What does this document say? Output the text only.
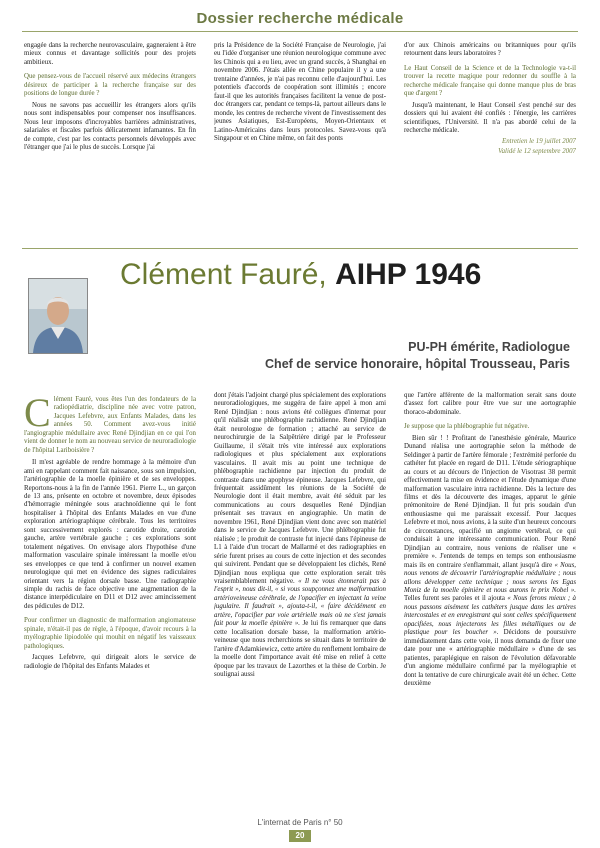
Dossier recherche médicale

engagée dans la recherche neurovasculaire, gagneraient à être mieux connus et davantage sollicités pour des projets ambitieux.

Que pensez-vous de l'accueil réservé aux médecins étrangers désireux de participer à la recherche française sur des positions de longue durée ?

Nous ne savons pas accueillir les étrangers alors qu'ils nous sont indispensables pour compenser nos insuffisances. Nous leur imposons d'incroyables barrières administratives, salariales et fiscales parfois délicatement infamantes. En fin de compte, c'est par les contacts personnels développés avec l'étranger que j'ai le plus de succès. Lorsque j'ai

pris la Présidence de la Société Française de Neurologie, j'ai eu l'idée d'organiser une réunion neurologique commune avec les Chinois qui a eu lieu, avec un grand succès, à Shanghai en novembre 2006. J'étais allée en Chine populaire il y a une trentaine d'années, je n'ai pas reconnu celle d'aujourd'hui. Les potentiels d'accords de coopération sont illimités ; encore faut-il que les autorités françaises facilitent la venue de post-doc étrangers car, pendant ce temps-là, partout ailleurs dans le monde, les centres de recherche vivent de l'investissement des jeunes Asiatiques, Est-Européens, Moyen-Orientaux et Latino-Américains dans leurs protocoles. Savez-vous qu'à Singapour et en Chine même, on fait des ponts

d'or aux Chinois américains ou britanniques pour qu'ils retournent dans leurs laboratoires ?

Le Haut Conseil de la Science et de la Technologie va-t-il trouver la recette magique pour redonner du souffle à la recherche médicale française qui donne manque plus de bras que d'argent ?

Jusqu'à maintenant, le Haut Conseil s'est penché sur des dossiers qui lui avaient été confiés : l'énergie, les carrières scientifiques, l'Université. Il n'a pas abordé celui de la recherche médicale.

Entretien le 19 juillet 2007

Validé le 12 septembre 2007

Clément Fauré, AIHP 1946
PU-PH émérite, Radiologue
Chef de service honoraire, hôpital Trousseau, Paris

Clément Fauré, vous êtes l'un des fondateurs de la radiopédiatrie, discipline née avec votre patron, Jacques Lefebvre, aux Enfants Malades, dans les années 50. Comment avez-vous initié l'angiographie médullaire avec René Djindjian en ce qui l'on vient de donner le nom au nouveau service de neuroradiologie de l'hôpital Lariboisière ?

Il m'est agréable de rendre hommage à la mémoire d'un ami en rappelant comment fait naissance, sous son impulsion, l'artériographie de la moelle épinière et de ses enveloppes. Reportons-nous à la fin de l'année 1961. Pierre L., un garçon de 13 ans, présente en octobre et novembre, deux épisodes d'hémorragie méningée sous arachnoïdienne qui le font hospitaliser à l'hôpital des Enfants Malades en vue d'une exploration artériographique cérébrale. Tous les territoires sont successivement explorés : carotide droite, carotide gauche, artère vertébrale gauche ; ces explorations sont totalement négatives. On envisage alors l'hypothèse d'une malformation vasculaire spinale intéressant la moelle et/ou ses enveloppes ce que tend à confirmer un nouvel examen neurologique qui met en évidence des signes radiculaires orientant vers la région dorsale basse. Une radiographie simple du rachis de face objective une augmentation de la distance interpédiculaire en D11 et D12 avec amincissement des pédicules de D12.

Pour confirmer un diagnostic de malformation angiomateuse spinale, n'était-il pas de règle, à l'époque, d'avoir recours à la myélographie lipiodolée qui mouhit en négatif les vaisseaux pathologiques.

Jacques Lefebvre, qui dirigeait alors le service de radiologie de l'hôpital des Enfants Malades et

dont j'étais l'adjoint chargé plus spécialement des explorations neuroradiologiques, me suggéra de faire appel à mon ami René Djindjian : nous avions été collègues d'internat pour qu'il réalisât une phlébographie rachidienne. René Djindjian était neurologue de formation ; attaché au service de neurochirurgie de la Salpêtrière dirigé par le Professeur Guillaume, il s'était très vite intéressé aux explorations radiologiques et plus spécialement aux explorations vasculaires. Il avait mis au point une technique de phlébographie rachidienne par injection du produit de contraste dans une apophyse épineuse. Jacques Lefebvre, qui fréquentait assidûment les réunions de la Société de Neurologie dont il était membre, avait été séduit par les communications au cours desquelles René Djindjian présentait ses travaux en angiographie. Un matin de novembre 1961, René Djindjian vient donc avec son matériel dans le service de Jacques Lefebvre. Une phlébographie fut réalisée ; le produit de contraste fut injecté dans l'épineuse de L1 à l'aide d'un trocart de Mallarmé et des radiographies en série furent prises au cours de cette injection et des secondes qui suivirent. Pendant que se développaient les clichés, René Djindjian nous expliqua que cette exploration serait très vraisemblablement négative. « Il ne vous étonnerait pas à l'esprit », nous dit-il, « si vous soupçonnez une malformation artérioveineuse cérébrale, de l'opacifier en injectant la veine jugulaire. Il faudrait », ajouta-t-il, « faire décidément en artère, l'opacifier par voie artérielle mais où ne s'est jamais fait pour la moelle épinière ». Je lui fis remarquer que dans cette localisation dorsale basse, la malformation artério-veineuse que nous recherchions se situait dans le territoire de l'artère d'Adamkiewicz, cette artère du renflement lombaire de la moelle dont l'importance avait été mise en relief à cette époque par les travaux de Lazorthes et la thèse de Corbin. Je soulignai aussi

que l'artère afférente de la malformation serait sans doute d'assez fort calibre pour être vue sur une aortographie thoraco-abdominale.

Je suppose que la phlébographie fut négative.

Bien sûr ! ! Profitant de l'anesthésie générale, Maurice Dunand réalisa une aortographie selon la méthode de Seldinger à partir de l'artère fémorale ; l'extrémité perforée du cathéter fut placée en regard de D11. L'étude sériographique au cours et au décours de l'injection de Visotrast 38 permit effectivement la mise en évidence et l'étude dynamique d'une malformation vasculaire intra rachidienne. Dès la lecture des films et dès la découverte des images, apparut le génie prémonitoire de René Djindjian. Il fut pris soudain d'un enthousiasme qui me paraissait excessif. Pour Jacques Lefebvre et moi, nous avions, à la suite d'un heureux concours de circonstances, opacifié un angiome vertébral, ce qui conduisait à une intéressante communication. Pour René Djindjian au contraire, nous venions de réaliser une « première ». J'entends de temps en temps son enthousiasme mais ils en contraire s'enflammait, allant jusqu'à dire « Nous, nous venons de découvrir l'artériographie médullaire ; nous allons développer cette technique ; nous serons les Egas Moniz de la moelle épinière et nous aurons le prix Nobel ». Telles furent ses paroles et il ajouta « Nous ferons mieux ; à nous passons aisément les cathéters jusque dans les artères intercostales et en enregistrant qui sont celles spécifiquement opacifiées, nous injecterons les filles métalliques ou de plastique pour les boucher ». Décidons de poursuivre immédiatement dans cette voie, il nous demanda de fixer une date pour une « artériographie médullaire » d'une de ses patientes, paraplégique en raison de l'évolution défavorable d'un angiome médullaire confirmé par la myélographie et dont la tentative de cure chirurgicale avait été un échec. Cette deuxième

L'internat de Paris n° 50
20
